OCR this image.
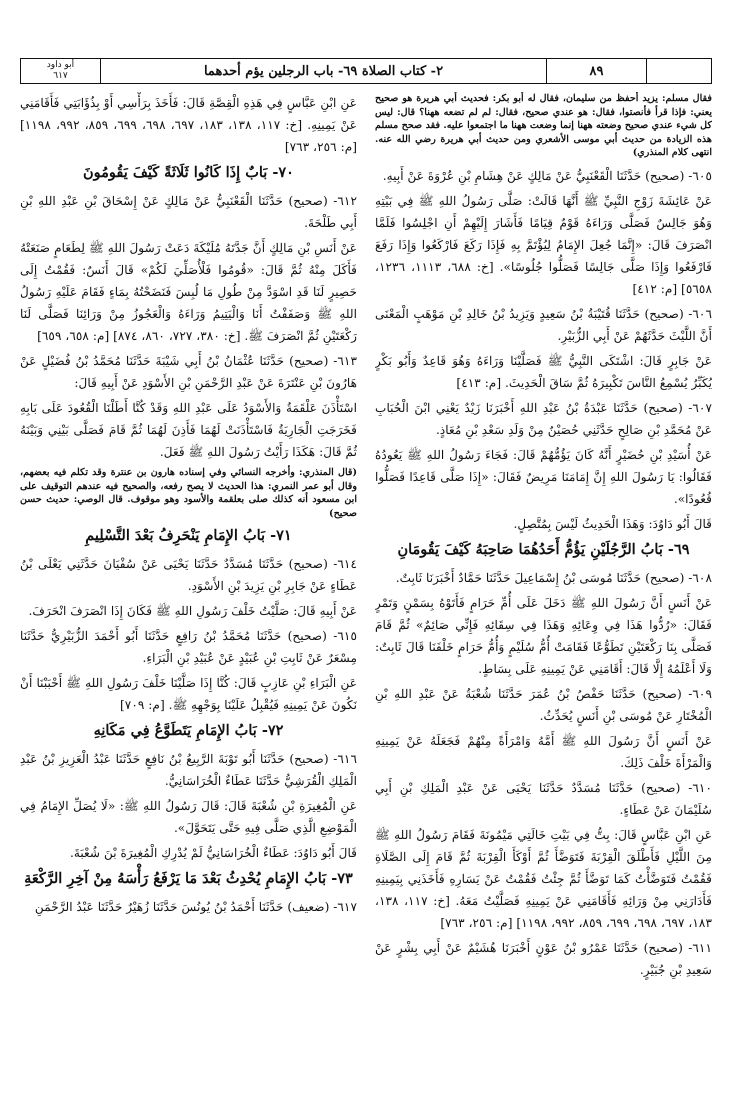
أبو داود
٦١٧	٢- كتاب الصلاة ٦٩- باب الرجلين يؤم أحدهما	٨٩
فقال مسلم: يزيد أحفظ من سليمان، فقال له أبو بكر: فحديث أبي هريرة هو صحيح يعني: فإذا قرأ فأنصتوا، فقال: هو عندي صحيح، فقال: لم لم تضعه ههنا؟ قال: ليس كل شيء عندي صحيح وضعته ههنا إنما وضعت ههنا ما اجتمعوا عليه. فقد صحح مسلم هذه الزيادة من حديث أبي موسى الأشعري ومن حديث أبي هريرة رضي الله عنه. انتهى كلام المنذري)
٦٠٥- (صحيح) حَدَّثَنَا الْقَعْنَبِيُّ عَنْ مَالِكٍ عَنْ هِشَامِ بْنِ عُرْوَةَ عَنْ أَبِيهِ.
عَنْ عَائِشَةَ زَوْجِ النَّبِيِّ ﷺ أَنَّهَا قَالَتْ: صَلَّى رَسُولُ اللهِ ﷺ فِي بَيْتِهِ وَهُوَ جَالِسٌ فَصَلَّى وَرَاءَهُ قَوْمٌ قِيَامًا فَأَشَارَ إِلَيْهِمْ أَنِ اجْلِسُوا فَلَمَّا انْصَرَفَ قَالَ: «إِنَّمَا جُعِلَ الإِمَامُ لِيُؤْتَمَّ بِهِ فَإِذَا رَكَعَ فَارْكَعُوا وَإِذَا رَفَعَ فَارْفَعُوا وَإِذَا صَلَّى جَالِسًا فَصَلُّوا جُلُوسًا». [خ: ٦٨٨، ١١١٣، ١٢٣٦، ٥٦٥٨] [م: ٤١٢]
٦٠٦- (صحيح) حَدَّثَنَا قُتَيْبَةُ بْنُ سَعِيدٍ وَيَزِيدُ بْنُ خَالِدِ بْنِ مَوْهَبٍ الْمَعْنَى أَنَّ اللَّيْثَ حَدَّثَهُمْ عَنْ أَبِي الزُّبَيْرِ.
عَنْ جَابِرٍ قَالَ: اشْتَكَى النَّبِيُّ ﷺ فَصَلَّيْنَا وَرَاءَهُ وَهُوَ قَاعِدٌ وَأَبُو بَكْرٍ يُكَبِّرُ يُسْمِعُ النَّاسَ تَكْبِيرَهُ ثُمَّ سَاقَ الْحَدِيثَ. [م: ٤١٣]
٦٠٧- (صحيح) حَدَّثَنَا عَبْدَةُ بْنُ عَبْدِ اللهِ أَخْبَرَنَا زَيْدٌ يَعْنِي ابْنَ الْحُبَابِ عَنْ مُحَمَّدِ بْنِ صَالِحٍ حَدَّثَنِي حُصَيْنٌ مِنْ وَلَدِ سَعْدِ بْنِ مُعَاذٍ.
عَنْ أُسَيْدِ بْنِ حُضَيْرٍ أَنَّهُ كَانَ يَؤُمُّهُمْ قَالَ: فَجَاءَ رَسُولُ اللهِ ﷺ يَعُودُهُ فَقَالُوا: يَا رَسُولَ اللهِ إِنَّ إِمَامَنَا مَرِيضٌ فَقَالَ: «إِذَا صَلَّى قَاعِدًا فَصَلُّوا قُعُودًا».
قَالَ أَبُو دَاوُدَ: وَهَذَا الْحَدِيثُ لَيْسَ بِمُتَّصِلٍ.
٦٩- بَابُ الرَّجُلَيْنِ يَؤُمُّ أَحَدُهُمَا صَاحِبَهُ كَيْفَ يَقُومَانِ
٦٠٨- (صحيح) حَدَّثَنَا مُوسَى بْنُ إِسْمَاعِيلَ حَدَّثَنَا حَمَّادٌ أَخْبَرَنَا ثَابِتٌ.
عَنْ أَنَسٍ أَنَّ رَسُولَ اللهِ ﷺ دَخَلَ عَلَى أُمِّ حَرَامٍ فَأَتَوْهُ بِسَمْنٍ وَتَمْرٍ فَقَالَ: «رُدُّوا هَذَا فِي وِعَائِهِ وَهَذَا فِي سِقَائِهِ فَإِنِّي صَائِمٌ» ثُمَّ قَامَ فَصَلَّى بِنَا رَكْعَتَيْنِ تَطَوُّعًا فَقَامَتْ أُمُّ سُلَيْمٍ وَأُمُّ حَرَامٍ خَلْفَنَا قَالَ ثَابِتٌ: وَلَا أَعْلَمُهُ إِلَّا قَالَ: أَقَامَنِي عَنْ يَمِينِهِ عَلَى بِسَاطٍ.
٦٠٩- (صحيح) حَدَّثَنَا حَفْصُ بْنُ عُمَرَ حَدَّثَنَا شُعْبَةُ عَنْ عَبْدِ اللهِ بْنِ الْمُخْتَارِ عَنْ مُوسَى بْنِ أَنَسٍ يُحَدِّثُ.
عَنْ أَنَسٍ أَنَّ رَسُولَ اللهِ ﷺ أَمَّهُ وَامْرَأَةً مِنْهُمْ فَجَعَلَهُ عَنْ يَمِينِهِ وَالْمَرْأَةَ خَلْفَ ذَلِكَ.
٦١٠- (صحيح) حَدَّثَنَا مُسَدَّدٌ حَدَّثَنَا يَحْيَى عَنْ عَبْدِ الْمَلِكِ بْنِ أَبِي سُلَيْمَانَ عَنْ عَطَاءٍ.
عَنِ ابْنِ عَبَّاسٍ قَالَ: بِتُّ فِي بَيْتِ خَالَتِي مَيْمُونَةَ فَقَامَ رَسُولُ اللهِ ﷺ مِنَ اللَّيْلِ فَأَطْلَقَ الْقِرْبَةَ فَتَوَضَّأَ ثُمَّ أَوْكَأَ الْقِرْبَةَ ثُمَّ قَامَ إِلَى الصَّلَاةِ فَقُمْتُ فَتَوَضَّأْتُ كَمَا تَوَضَّأَ ثُمَّ جِئْتُ فَقُمْتُ عَنْ يَسَارِهِ فَأَخَذَنِي بِيَمِينِهِ فَأَدَارَنِي مِنْ وَرَائِهِ فَأَقَامَنِي عَنْ يَمِينِهِ فَصَلَّيْتُ مَعَهُ. [خ: ١١٧، ١٣٨، ١٨٣، ٦٩٧، ٦٩٨، ٦٩٩، ٨٥٩، ٩٩٢، ١١٩٨] [م: ٢٥٦، ٧٦٣]
٦١١- (صحيح) حَدَّثَنَا عَمْرُو بْنُ عَوْنٍ أَخْبَرَنَا هُشَيْمٌ عَنْ أَبِي بِشْرٍ عَنْ سَعِيدِ بْنِ جُبَيْرٍ.
عَنِ ابْنِ عَبَّاسٍ فِي هَذِهِ الْقِصَّةِ قَالَ: فَأَخَذَ بِرَأْسِي أَوْ بِذُؤَابَتِي فَأَقَامَنِي عَنْ يَمِينِهِ. [خ: ١١٧، ١٣٨، ١٨٣، ٦٩٧، ٦٩٨، ٦٩٩، ٨٥٩، ٩٩٢، ١١٩٨] [م: ٢٥٦، ٧٦٣]
٧٠- بَابٌ إِذَا كَانُوا ثَلَاثَةً كَيْفَ يَقُومُونَ
٦١٢- (صحيح) حَدَّثَنَا الْقَعْنَبِيُّ عَنْ مَالِكٍ عَنْ إِسْحَاقَ بْنِ عَبْدِ اللهِ بْنِ أَبِي طَلْحَةَ.
عَنْ أَنَسِ بْنِ مَالِكٍ أَنَّ جَدَّتَهُ مُلَيْكَةَ دَعَتْ رَسُولَ اللهِ ﷺ لِطَعَامٍ صَنَعَتْهُ فَأَكَلَ مِنْهُ ثُمَّ قَالَ: «قُومُوا فَلْأُصَلِّيَ لَكُمْ» قَالَ أَنَسٌ: فَقُمْتُ إِلَى حَصِيرٍ لَنَا قَدِ اسْوَدَّ مِنْ طُولِ مَا لُبِسَ فَنَضَحْتُهُ بِمَاءٍ فَقَامَ عَلَيْهِ رَسُولُ اللهِ ﷺ وَصَفَفْتُ أَنَا وَالْيَتِيمُ وَرَاءَهُ وَالْعَجُوزُ مِنْ وَرَائِنَا فَصَلَّى لَنَا رَكْعَتَيْنِ ثُمَّ انْصَرَفَ ﷺ. [خ: ٣٨٠، ٧٢٧، ٨٦٠، ٨٧٤] [م: ٦٥٨، ٦٥٩]
٦١٣- (صحيح) حَدَّثَنَا عُثْمَانُ بْنُ أَبِي شَيْبَةَ حَدَّثَنَا مُحَمَّدُ بْنُ فُضَيْلٍ عَنْ هَارُونَ بْنِ عَنْتَرَةَ عَنْ عَبْدِ الرَّحْمَنِ بْنِ الأَسْوَدِ عَنْ أَبِيهِ قَالَ:
اسْتَأْذَنَ عَلْقَمَةُ وَالأَسْوَدُ عَلَى عَبْدِ اللهِ وَقَدْ كُنَّا أَطَلْنَا الْقُعُودَ عَلَى بَابِهِ فَخَرَجَتِ الْجَارِيَةُ فَاسْتَأْذَنَتْ لَهُمَا فَأَذِنَ لَهُمَا ثُمَّ قَامَ فَصَلَّى بَيْنِي وَبَيْنَهُ ثُمَّ قَالَ: هَكَذَا رَأَيْتُ رَسُولَ اللهِ ﷺ فَعَلَ.
(قال المنذري: وأخرجه النسائي وفي إسناده هارون بن عنترة وقد تكلم فيه بعضهم، وقال أبو عمر النمري: هذا الحديث لا يصح رفعه، والصحيح فيه عندهم التوقيف على ابن مسعود أنه كذلك صلى بعلقمة والأسود وهو موقوف. قال الوصي: حديث حسن صحيح)
٧١- بَابُ الإِمَامِ يَنْحَرِفُ بَعْدَ التَّسْلِيمِ
٦١٤- (صحيح) حَدَّثَنَا مُسَدَّدٌ حَدَّثَنَا يَحْيَى عَنْ سُفْيَانَ حَدَّثَنِي يَعْلَى بْنُ عَطَاءٍ عَنْ جَابِرِ بْنِ يَزِيدَ بْنِ الأَسْوَدِ.
عَنْ أَبِيهِ قَالَ: صَلَّيْتُ خَلْفَ رَسُولِ اللهِ ﷺ فَكَانَ إِذَا انْصَرَفَ انْحَرَفَ.
٦١٥- (صحيح) حَدَّثَنَا مُحَمَّدُ بْنُ رَافِعٍ حَدَّثَنَا أَبُو أَحْمَدَ الزُّبَيْرِيُّ حَدَّثَنَا مِسْعَرٌ عَنْ ثَابِتِ بْنِ عُبَيْدٍ عَنْ عُبَيْدِ بْنِ الْبَرَاءِ.
عَنِ الْبَرَاءِ بْنِ عَازِبٍ قَالَ: كُنَّا إِذَا صَلَّيْنَا خَلْفَ رَسُولِ اللهِ ﷺ أَحْبَبْنَا أَنْ نَكُونَ عَنْ يَمِينِهِ فَيُقْبِلُ عَلَيْنَا بِوَجْهِهِ ﷺ. [م: ٧٠٩]
٧٢- بَابُ الإِمَامِ يَتَطَوَّعُ فِي مَكَانِهِ
٦١٦- (صحيح) حَدَّثَنَا أَبُو تَوْبَةَ الرَّبِيعُ بْنُ نَافِعٍ حَدَّثَنَا عَبْدُ الْعَزِيزِ بْنُ عَبْدِ الْمَلِكِ الْقُرَشِيُّ حَدَّثَنَا عَطَاءٌ الْخُرَاسَانِيُّ.
عَنِ الْمُغِيرَةِ بْنِ شُعْبَةَ قَالَ: قَالَ رَسُولُ اللهِ ﷺ: «لَا يُصَلِّ الإِمَامُ فِي الْمَوْضِعِ الَّذِي صَلَّى فِيهِ حَتَّى يَتَحَوَّلَ».
قَالَ أَبُو دَاوُدَ: عَطَاءٌ الْخُرَاسَانِيُّ لَمْ يُدْرِكِ الْمُغِيرَةَ بْنَ شُعْبَةَ.
٧٣- بَابُ الإِمَامِ يُحْدِثُ بَعْدَ مَا يَرْفَعُ رَأْسَهُ مِنْ آخِرِ الرَّكْعَةِ
٦١٧- (ضعيف) حَدَّثَنَا أَحْمَدُ بْنُ يُونُسَ حَدَّثَنَا زُهَيْرٌ حَدَّثَنَا عَبْدُ الرَّحْمَنِ
